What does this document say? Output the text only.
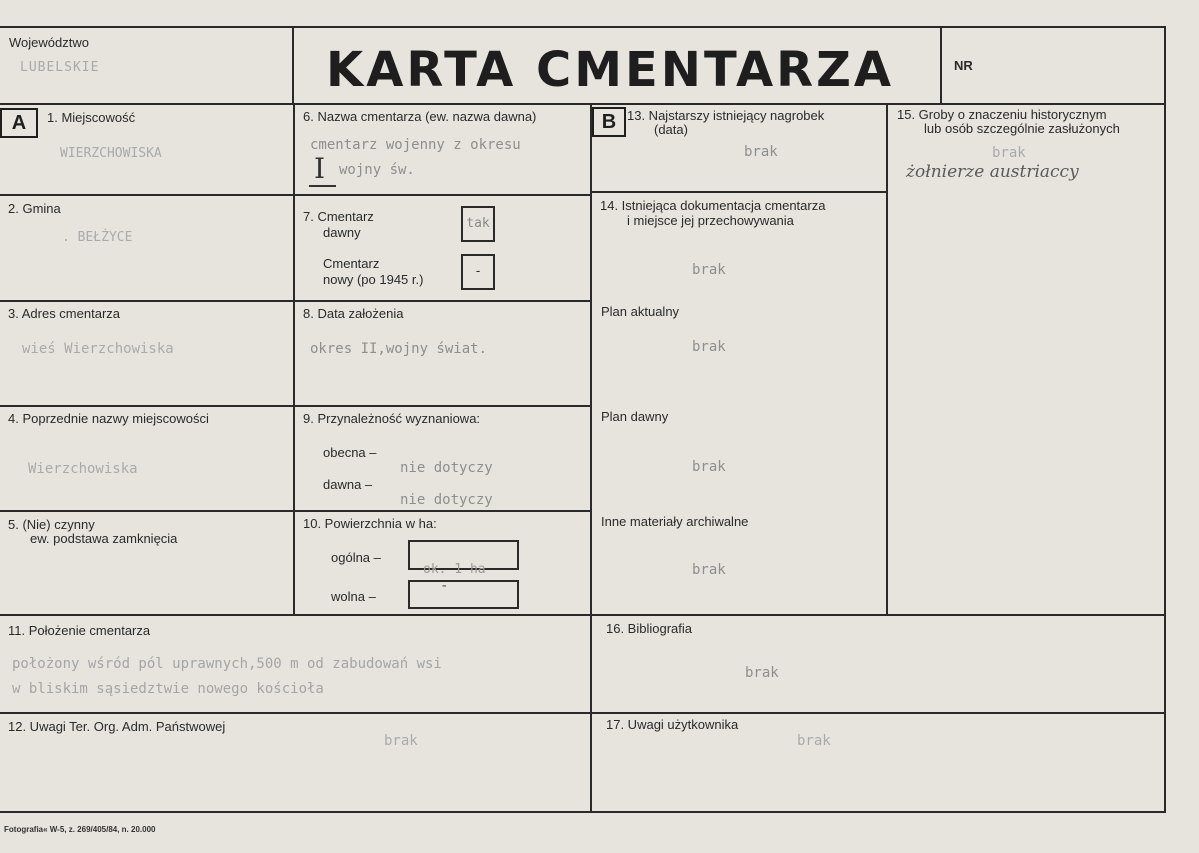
Województwo
LUBELSKIE	KARTA CMENTARZA	NR
A	1. Miejscowość
WIERZCHOWISKA
2. Gmina
. BEŁŻYCE
3. Adres cmentarza
wieś Wierzchowiska
4. Poprzednie nazwy miejscowości
Wierzchowiska
5. (Nie) czynny
ew. podstawa zamknięcia
6. Nazwa cmentarza (ew. nazwa dawna)
cmentarz wojenny z okresu
I wojny św.
7. Cmentarz
dawny
tak
Cmentarz
nowy (po 1945 r.)
-
8. Data założenia
okres II,wojny świat.
9. Przynależność wyznaniowa:
obecna –
nie dotyczy
dawna –
nie dotyczy
10. Powierzchnia w ha:
ogólna –
ok. 1 ha
wolna –
-
B 13. Najstarszy istniejący nagrobek
(data)
brak
14. Istniejąca dokumentacja cmentarza
i miejsce jej przechowywania
brak
Plan aktualny
brak
Plan dawny
brak
Inne materiały archiwalne
brak
15. Groby o znaczeniu historycznym
lub osób szczególnie zasłużonych
brak
żołnierze austriaccy
11. Położenie cmentarza
położony wśród pól uprawnych,500 m od zabudowań wsi
w bliskim sąsiedztwie nowego kościoła
16. Bibliografia
brak
12. Uwagi Ter. Org. Adm. Państwowej
brak
17. Uwagi użytkownika
brak
Fotografia« W-5, z. 269/405/84, n. 20.000
